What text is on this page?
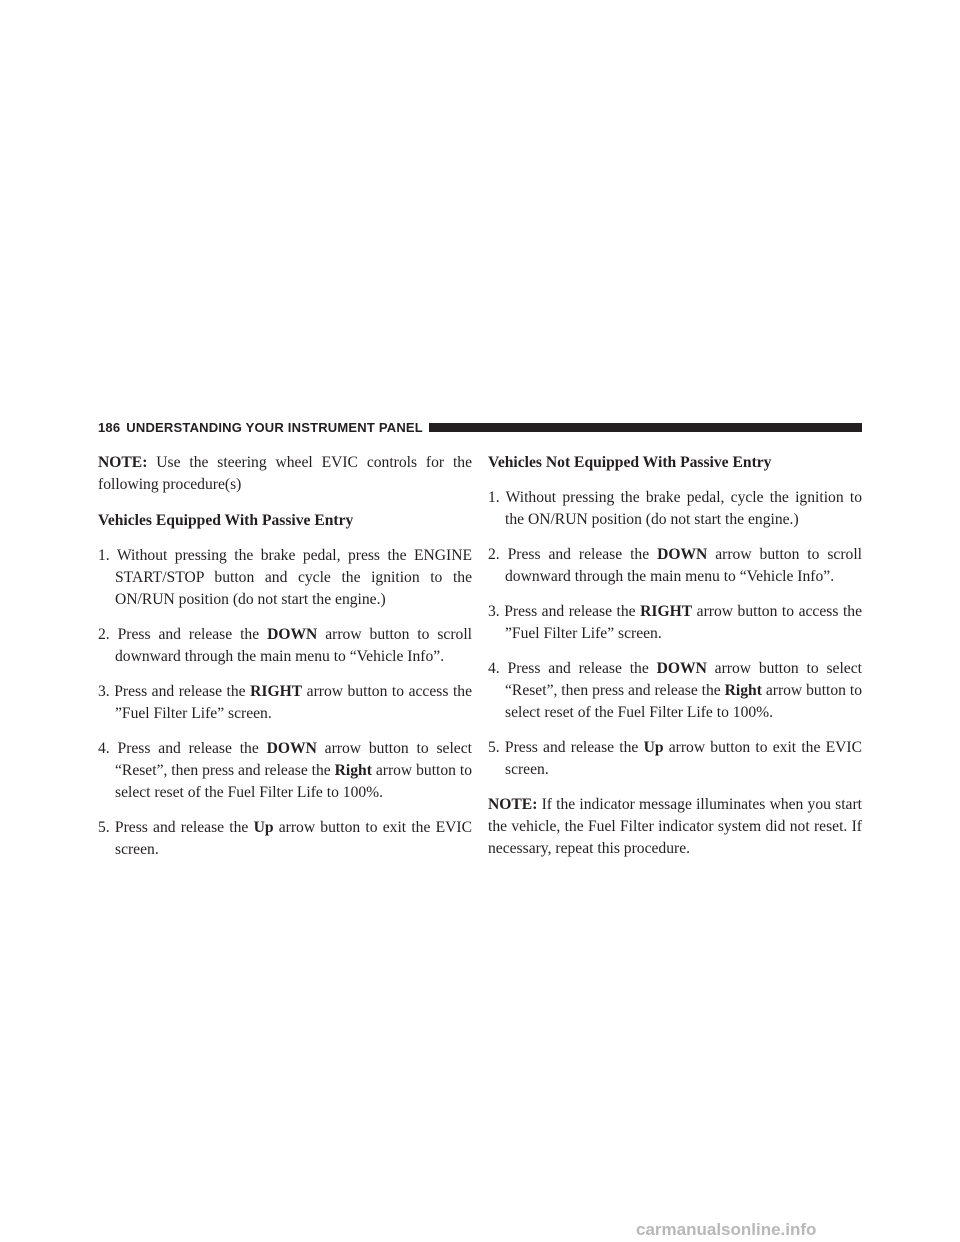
186 UNDERSTANDING YOUR INSTRUMENT PANEL

NOTE: Use the steering wheel EVIC controls for the following procedure(s)

Vehicles Equipped With Passive Entry

1. Without pressing the brake pedal, press the ENGINE START/STOP button and cycle the ignition to the ON/RUN position (do not start the engine.)

2. Press and release the DOWN arrow button to scroll downward through the main menu to “Vehicle Info”.

3. Press and release the RIGHT arrow button to access the ”Fuel Filter Life” screen.

4. Press and release the DOWN arrow button to select “Reset”, then press and release the Right arrow button to select reset of the Fuel Filter Life to 100%.

5. Press and release the Up arrow button to exit the EVIC screen.

Vehicles Not Equipped With Passive Entry

1. Without pressing the brake pedal, cycle the ignition to the ON/RUN position (do not start the engine.)

2. Press and release the DOWN arrow button to scroll downward through the main menu to “Vehicle Info”.

3. Press and release the RIGHT arrow button to access the ”Fuel Filter Life” screen.

4. Press and release the DOWN arrow button to select “Reset”, then press and release the Right arrow button to select reset of the Fuel Filter Life to 100%.

5. Press and release the Up arrow button to exit the EVIC screen.

NOTE: If the indicator message illuminates when you start the vehicle, the Fuel Filter indicator system did not reset. If necessary, repeat this procedure.

carmanualsonline.info
